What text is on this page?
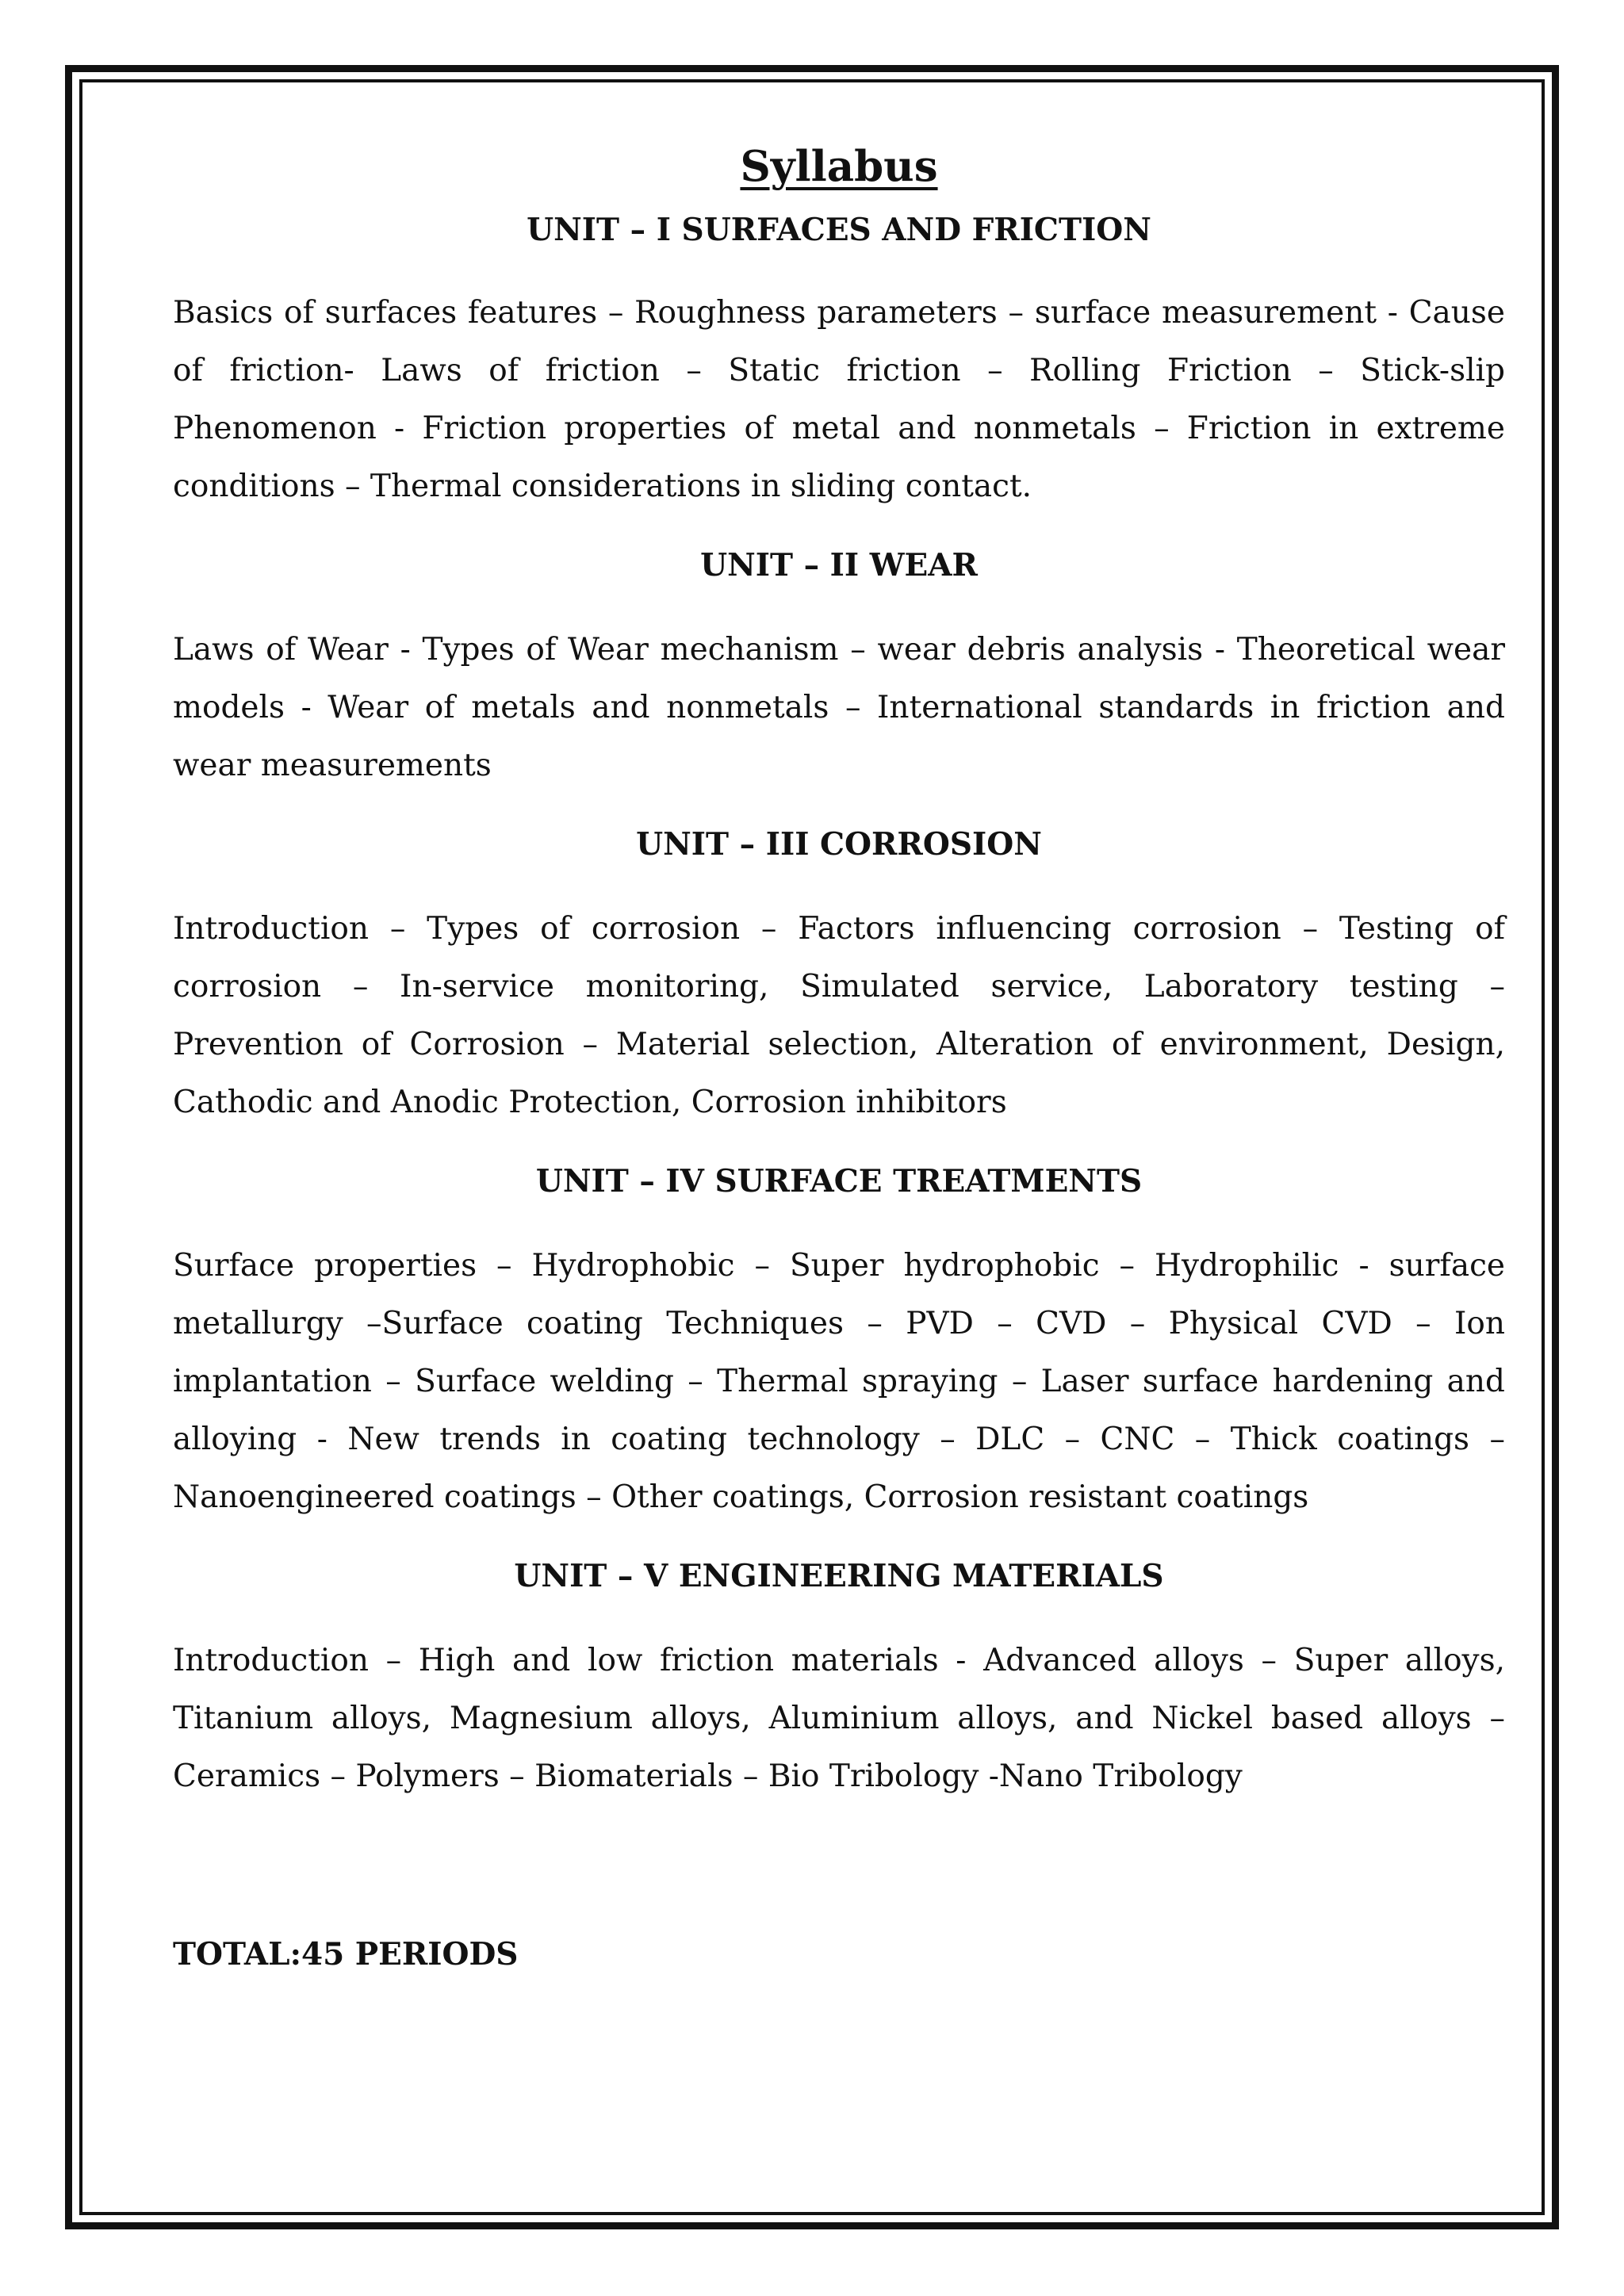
Syllabus
UNIT – I SURFACES AND FRICTION

Basics of surfaces features – Roughness parameters – surface measurement - Cause of friction- Laws of friction – Static friction – Rolling Friction – Stick-slip Phenomenon - Friction properties of metal and nonmetals – Friction in extreme conditions – Thermal considerations in sliding contact.

UNIT – II WEAR

Laws of Wear - Types of Wear mechanism – wear debris analysis - Theoretical wear models - Wear of metals and nonmetals – International standards in friction and wear measurements

UNIT – III CORROSION

Introduction – Types of corrosion – Factors influencing corrosion – Testing of corrosion – In-service monitoring, Simulated service, Laboratory testing – Prevention of Corrosion – Material selection, Alteration of environment, Design, Cathodic and Anodic Protection, Corrosion inhibitors

UNIT – IV SURFACE TREATMENTS

Surface properties – Hydrophobic – Super hydrophobic – Hydrophilic - surface metallurgy –Surface coating Techniques – PVD – CVD – Physical CVD – Ion implantation – Surface welding – Thermal spraying – Laser surface hardening and alloying - New trends in coating technology – DLC – CNC – Thick coatings – Nanoengineered coatings – Other coatings, Corrosion resistant coatings

UNIT – V ENGINEERING MATERIALS

Introduction – High and low friction materials - Advanced alloys – Super alloys, Titanium alloys, Magnesium alloys, Aluminium alloys, and Nickel based alloys – Ceramics – Polymers – Biomaterials – Bio Tribology -Nano Tribology

TOTAL:45 PERIODS
